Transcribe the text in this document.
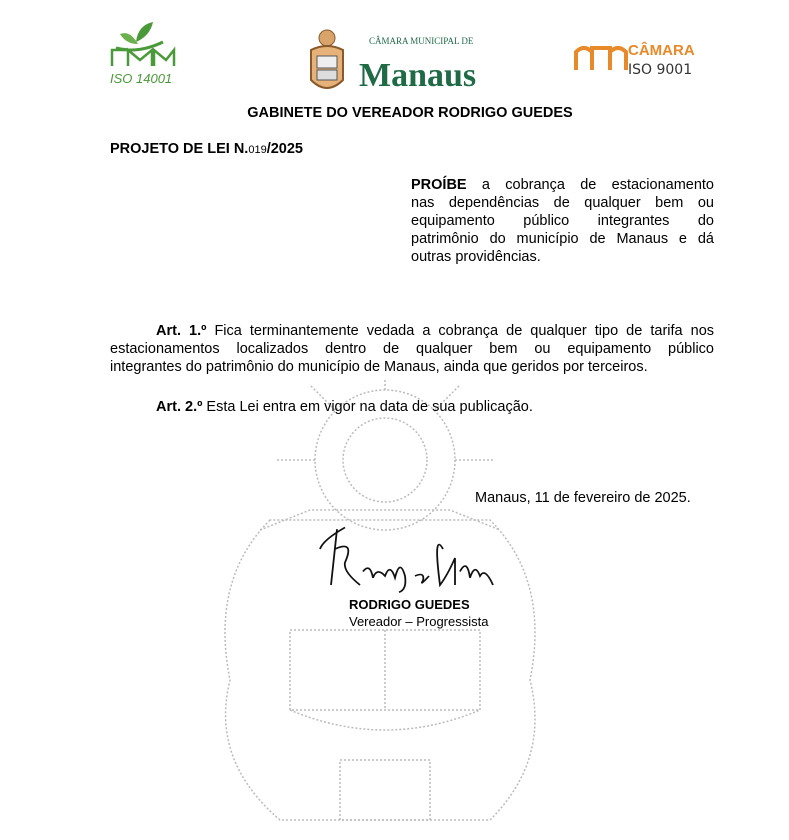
ISO 14001
CÂMARA MUNICIPAL DE
Manaus
CÂMARA
ISO 9001
GABINETE DO VEREADOR RODRIGO GUEDES
PROJETO DE LEI N.019/2025
PROÍBE a cobrança de estacionamento
nas dependências de qualquer bem ou
equipamento público integrantes do
patrimônio do município de Manaus e dá
outras providências.
Art. 1.º Fica terminantemente vedada a cobrança de qualquer tipo de tarifa nos
estacionamentos localizados dentro de qualquer bem ou equipamento público
integrantes do patrimônio do município de Manaus, ainda que geridos por terceiros.
Art. 2.º Esta Lei entra em vigor na data de sua publicação.
Manaus, 11 de fevereiro de 2025.
RODRIGO GUEDES
Vereador – Progressista
